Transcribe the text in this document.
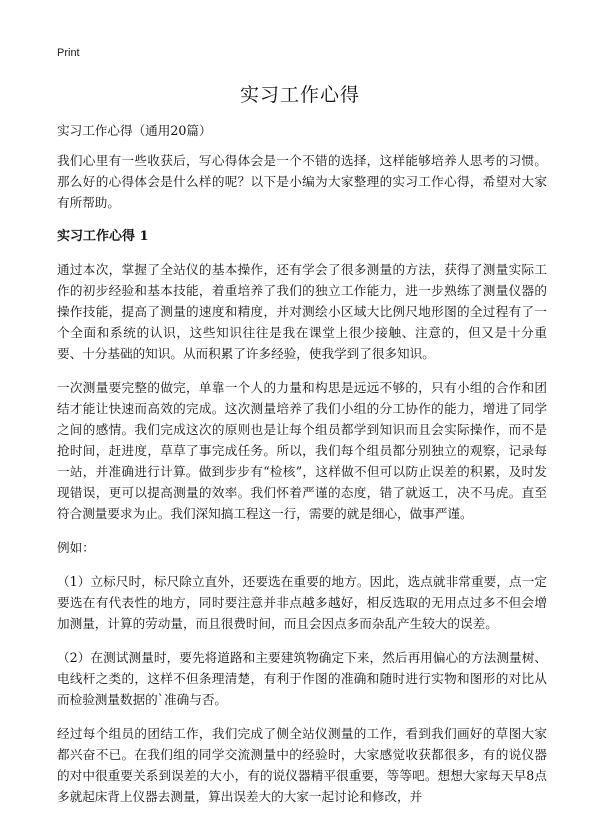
Print
实习工作心得

实习工作心得（通用20篇）

我们心里有一些收获后，写心得体会是一个不错的选择，这样能够培养人思考的习惯。那么好的心得体会是什么样的呢？以下是小编为大家整理的实习工作心得，希望对大家有所帮助。

实习工作心得 1

通过本次，掌握了全站仪的基本操作，还有学会了很多测量的方法，获得了测量实际工作的初步经验和基本技能，着重培养了我们的独立工作能力，进一步熟练了测量仪器的操作技能，提高了测量的速度和精度，并对测绘小区域大比例尺地形图的全过程有了一个全面和系统的认识，这些知识往往是我在课堂上很少接触、注意的，但又是十分重要、十分基础的知识。从而积累了许多经验，使我学到了很多知识。

一次测量要完整的做完，单靠一个人的力量和构思是远远不够的，只有小组的合作和团结才能让快速而高效的完成。这次测量培养了我们小组的分工协作的能力，增进了同学之间的感情。我们完成这次的原则也是让每个组员都学到知识而且会实际操作，而不是抢时间，赶进度，草草了事完成任务。所以，我们每个组员都分别独立的观察，记录每一站，并准确进行计算。做到步步有“检核”，这样做不但可以防止误差的积累，及时发现错误，更可以提高测量的效率。我们怀着严谨的态度，错了就返工，决不马虎。直至符合测量要求为止。我们深知搞工程这一行，需要的就是细心，做事严谨。

例如：

（1）立标尺时，标尺除立直外，还要选在重要的地方。因此，选点就非常重要，点一定要选在有代表性的地方，同时要注意并非点越多越好，相反选取的无用点过多不但会增加测量，计算的劳动量，而且很费时间，而且会因点多而杂乱产生较大的误差。

（2）在测试测量时，要先将道路和主要建筑物确定下来，然后再用偏心的方法测量树、电线杆之类的，这样不但条理清楚，有利于作图的准确和随时进行实物和图形的对比从而检验测量数据的`准确与否。

经过每个组员的团结工作，我们完成了侧全站仪测量的工作，看到我们画好的草图大家都兴奋不已。在我们组的同学交流测量中的经验时，大家感觉收获都很多，有的说仪器的对中很重要关系到误差的大小，有的说仪器精平很重要，等等吧。想想大家每天早8点多就起床背上仪器去测量，算出误差大的大家一起讨论和修改，并
